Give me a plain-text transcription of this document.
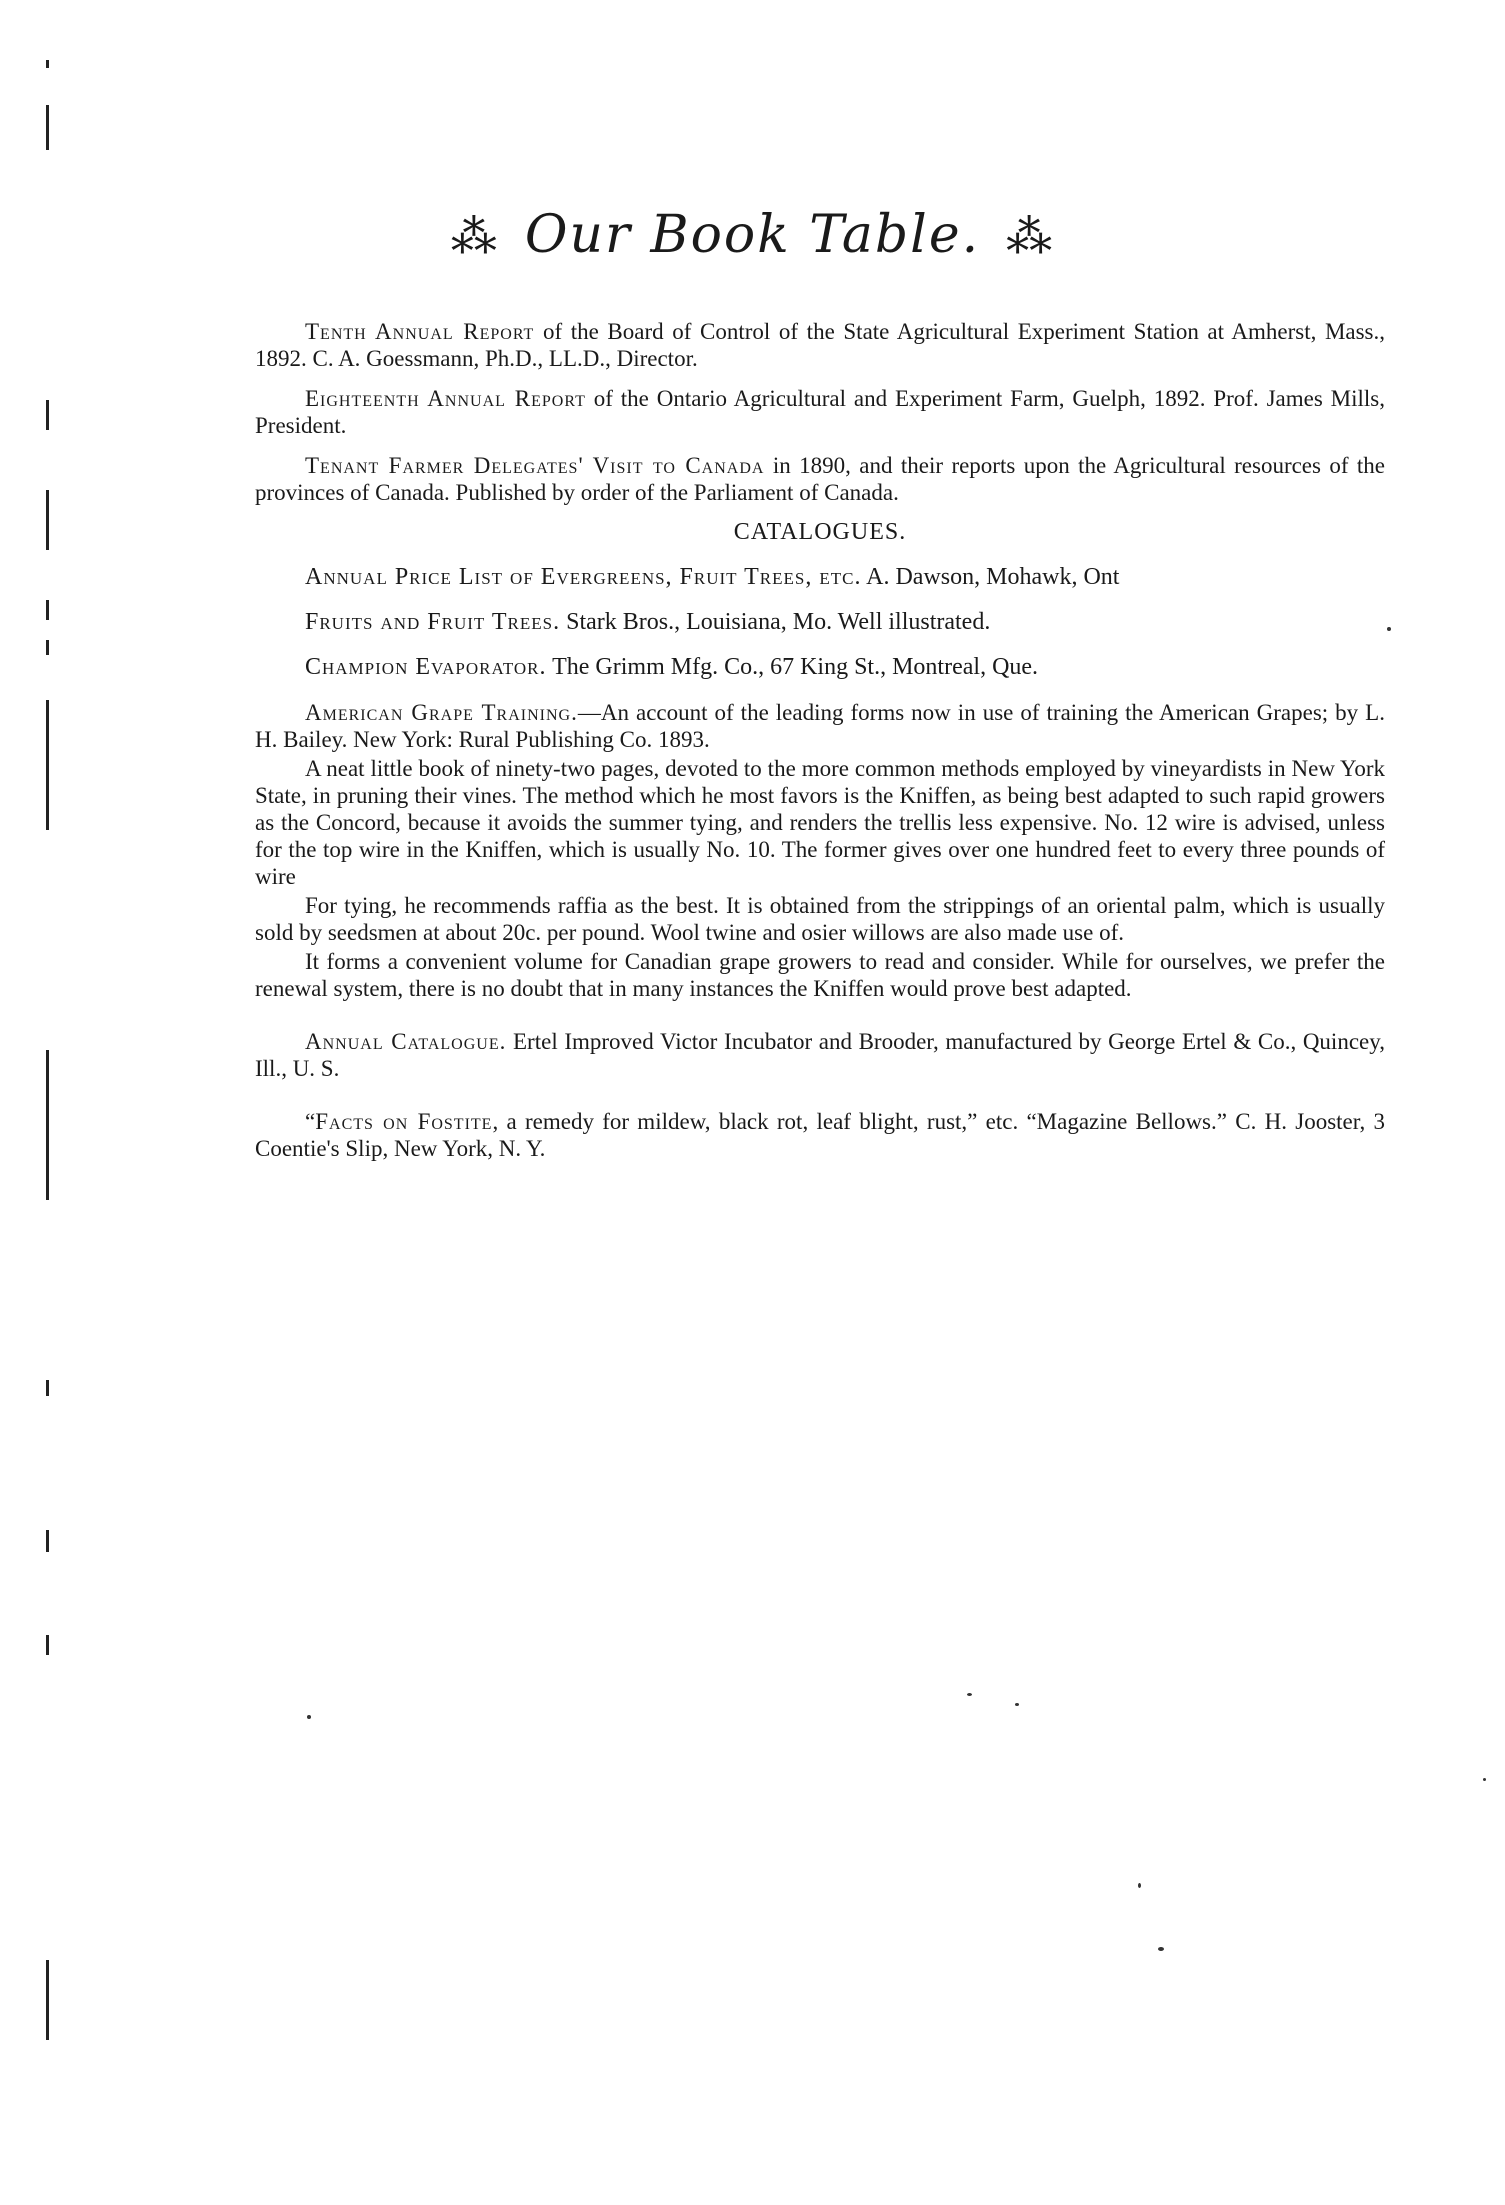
⁂ Our Book Table. ⁂

Tenth Annual Report of the Board of Control of the State Agricultural Experiment Station at Amherst, Mass., 1892. C. A. Goessmann, Ph.D., LL.D., Director.

Eighteenth Annual Report of the Ontario Agricultural and Experiment Farm, Guelph, 1892. Prof. James Mills, President.

Tenant Farmer Delegates' Visit to Canada in 1890, and their reports upon the Agricultural resources of the provinces of Canada. Published by order of the Parliament of Canada.

CATALOGUES.

Annual Price List of Evergreens, Fruit Trees, etc. A. Dawson, Mohawk, Ont

Fruits and Fruit Trees. Stark Bros., Louisiana, Mo. Well illustrated.

Champion Evaporator. The Grimm Mfg. Co., 67 King St., Montreal, Que.

American Grape Training.—An account of the leading forms now in use of training the American Grapes; by L. H. Bailey. New York: Rural Publishing Co. 1893.

A neat little book of ninety-two pages, devoted to the more common methods employed by vineyardists in New York State, in pruning their vines. The method which he most favors is the Kniffen, as being best adapted to such rapid growers as the Concord, because it avoids the summer tying, and renders the trellis less expensive. No. 12 wire is advised, unless for the top wire in the Kniffen, which is usually No. 10. The former gives over one hundred feet to every three pounds of wire

For tying, he recommends raffia as the best. It is obtained from the strippings of an oriental palm, which is usually sold by seedsmen at about 20c. per pound. Wool twine and osier willows are also made use of.

It forms a convenient volume for Canadian grape growers to read and consider. While for ourselves, we prefer the renewal system, there is no doubt that in many instances the Kniffen would prove best adapted.

Annual Catalogue. Ertel Improved Victor Incubator and Brooder, manufactured by George Ertel & Co., Quincey, Ill., U. S.

“Facts on Fostite, a remedy for mildew, black rot, leaf blight, rust,” etc. “Magazine Bellows.” C. H. Jooster, 3 Coentie's Slip, New York, N. Y.
